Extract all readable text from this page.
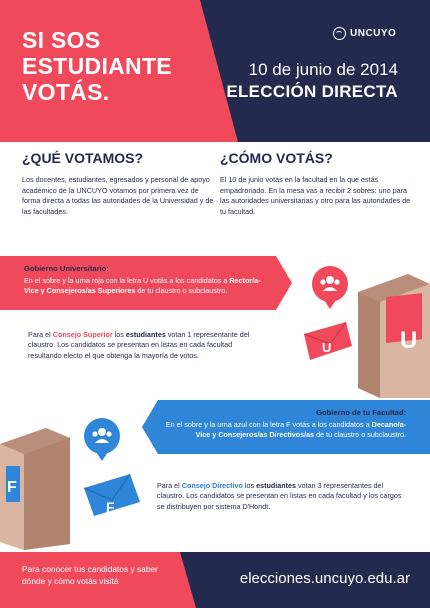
SI SOS
ESTUDIANTE
VOTÁS.
UNCUYO
10 de junio de 2014
ELECCIÓN DIRECTA
¿QUÉ VOTAMOS?

Los docentes, estudiantes, egresados y personal de apoyo académico de la UNCUYO votamos por primera vez de forma directa a todas las autoridades de la Universidad y de las facultades.

¿CÓMO VOTÁS?

El 10 de junio votás en la facultad en la que estás empadronado. En la mesa vas a recibir 2 sobres: uno para las autoridades universitarias y otro para las autoridades de tu facultad.

Gobierno Universitario:
En el sobre y la urna roja con la letra U votás a los candidatos a Rector/a-Vice y Consejeros/as Superiores de tu claustro o subclaustro.
Para el Consejo Superior los estudiantes votan 1 representante del claustro. Los candidatos se presentan en listas en cada facultad resultando electo el que obtenga la mayoría de votos.
U
U
Gobierno de tu Facultad:
En el sobre y la urna azul con la letra F votás a los candidatos a Decano/a-Vice y Consejeros/as Directivos/as de tu claustro o subclaustro.
Para el Consejo Directivo los estudiantes votan 3 representantes del claustro. Los candidatos se presentan en listas en cada facultad y los cargos se distribuyen por sistema D'Hondt.
F
F
Para conocer tus candidatos y saber dónde y cómo votás visitá	elecciones.uncuyo.edu.ar
